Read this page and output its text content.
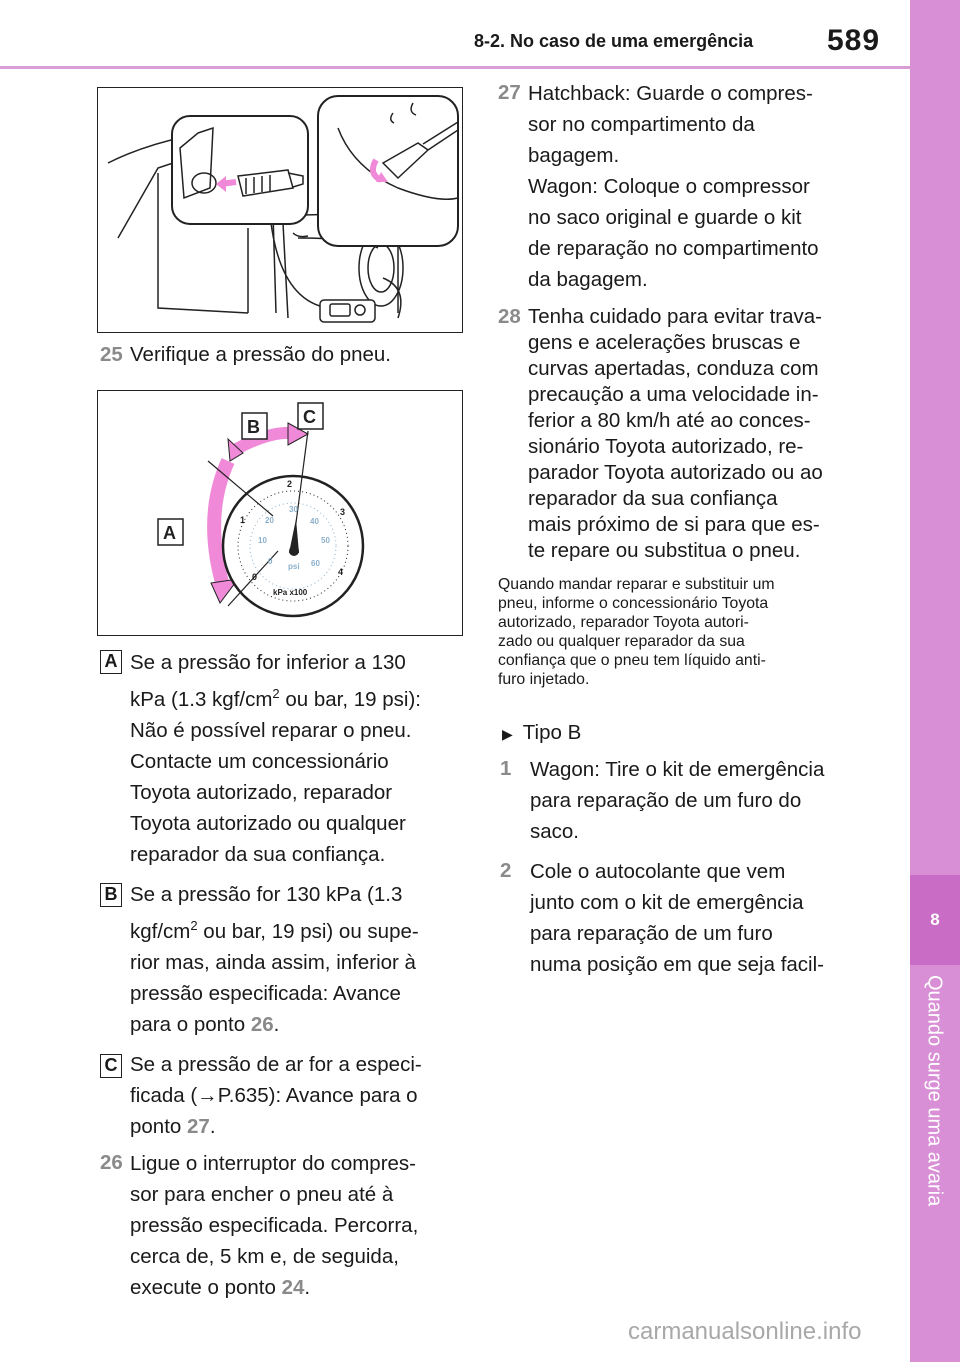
8-2. No caso de uma emergência 589
8
Quando surge uma avaria
25 Verifique a pressão do pneu.
0
1
2
3
4
0
10
20
30
40
50
60
psi
kPa x100
A
B C
A Se a pressão for inferior a 130
kPa (1.3 kgf/$cm^2$ ou bar, 19 psi):
Não é possível reparar o pneu.
Contacte um concessionário
Toyota autorizado, reparador
Toyota autorizado ou qualquer
reparador da sua confiança.
B Se a pressão for 130 kPa (1.3
kgf/$cm^2$ ou bar, 19 psi) ou supe-
rior mas, ainda assim, inferior à
pressão especificada: Avance
para o ponto 26.
C Se a pressão de ar for a especi-
ficada (→P.635): Avance para o
ponto 27.
26 Ligue o interruptor do compres-
sor para encher o pneu até à
pressão especificada. Percorra,
cerca de, 5 km e, de seguida,
execute o ponto 24.
27 Hatchback: Guarde o compres-
sor no compartimento da
bagagem.
Wagon: Coloque o compressor
no saco original e guarde o kit
de reparação no compartimento
da bagagem.
28 Tenha cuidado para evitar trava-
gens e acelerações bruscas e
curvas apertadas, conduza com
precaução a uma velocidade in-
ferior a 80 km/h até ao conces-
sionário Toyota autorizado, re-
parador Toyota autorizado ou ao
reparador da sua confiança
mais próximo de si para que es-
te repare ou substitua o pneu.
Quando mandar reparar e substituir um
pneu, informe o concessionário Toyota
autorizado, reparador Toyota autori-
zado ou qualquer reparador da sua
confiança que o pneu tem líquido anti-
furo injetado.
▶ Tipo B
1 Wagon: Tire o kit de emergência
para reparação de um furo do
saco.
2 Cole o autocolante que vem
junto com o kit de emergência
para reparação de um furo
numa posição em que seja facil-
carmanualsonline.info
